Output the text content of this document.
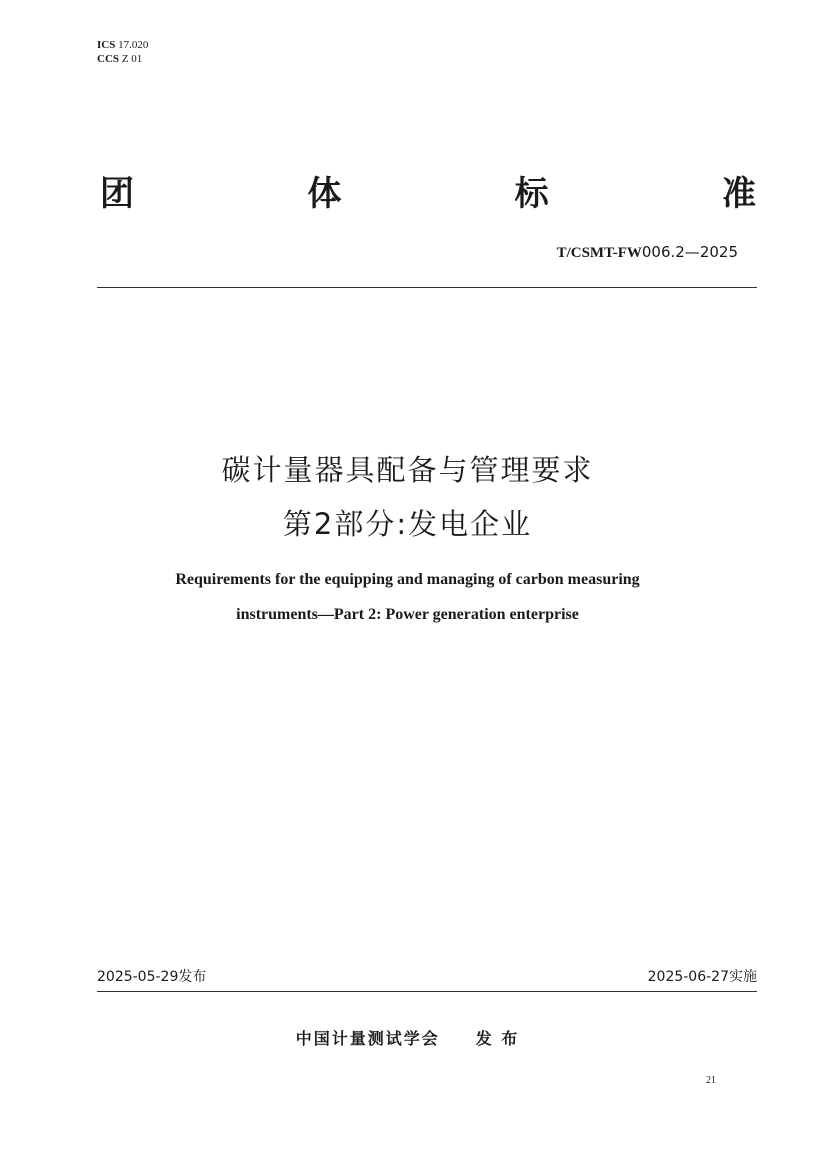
ICS 17.020
CCS Z 01
团	体	标	准
T/CSMT-FW006.2—2025
碳计量器具配备与管理要求
第2部分:发电企业
Requirements for the equipping and managing of carbon measuring
instruments—Part 2: Power generation enterprise
2025-05-29发布	2025-06-27实施
中国计量测试学会 发 布
21
